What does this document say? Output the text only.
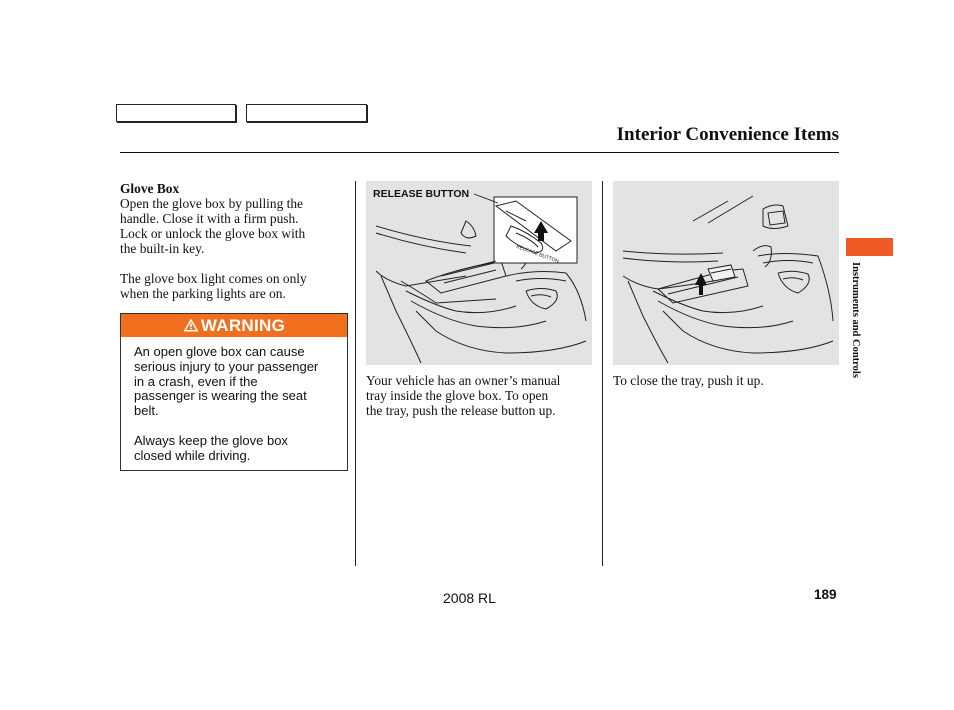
Interior Convenience Items
Glove Box
Open the glove box by pulling the
handle. Close it with a firm push.
Lock or unlock the glove box with
the built-in key.
The glove box light comes on only
when the parking lights are on.
WARNING
An open glove box can cause
serious injury to your passenger
in a crash, even if the
passenger is wearing the seat
belt.
Always keep the glove box
closed while driving.
RELEASE BUTTON
RELEASE BUTTON
Your vehicle has an owner’s manual
tray inside the glove box. To open
the tray, push the release button up.
To close the tray, push it up.
Instruments and Controls
2008 RL	189
